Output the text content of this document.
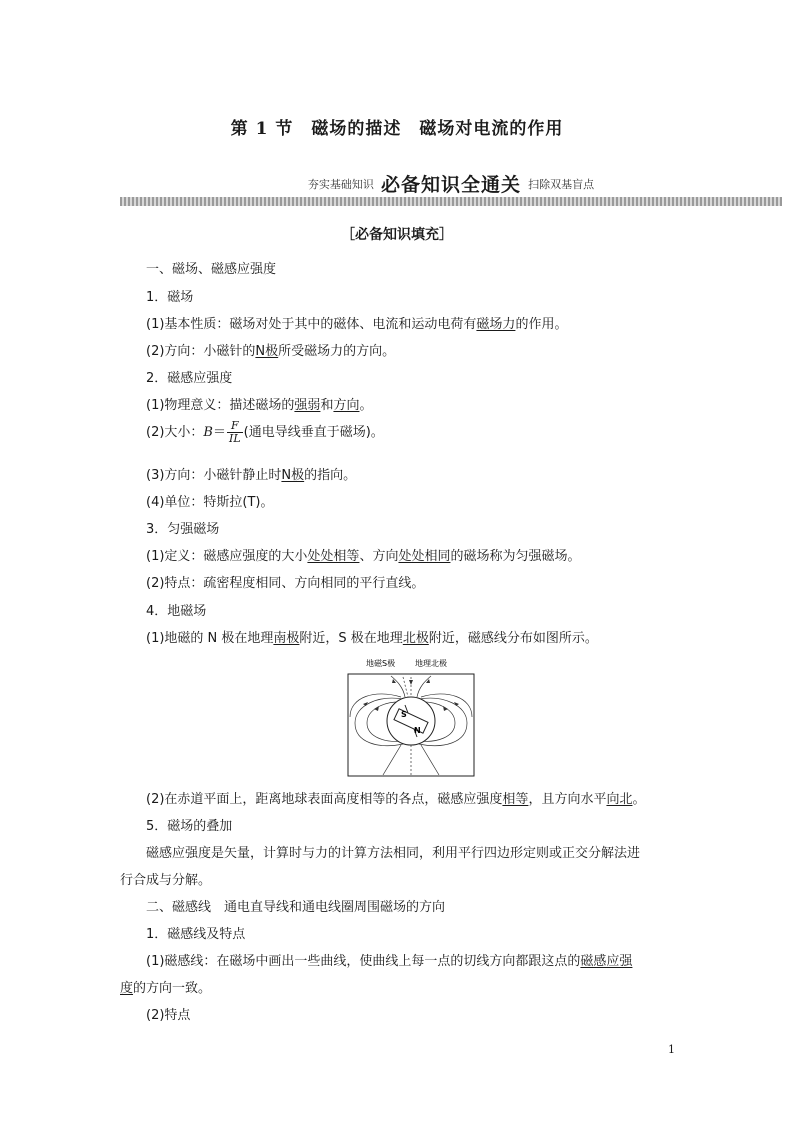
第 1 节　磁场的描述　磁场对电流的作用
夯实基础知识 必备知识全通关 扫除双基盲点
［必备知识填充］
一、磁场、磁感应强度
1．磁场
(1)基本性质：磁场对处于其中的磁体、电流和运动电荷有磁场力的作用。
(2)方向：小磁针的N极所受磁场力的方向。
2．磁感应强度
(1)物理意义：描述磁场的强弱和方向。
(2)大小：$B= \frac{F}{IL}$ (通电导线垂直于磁场)。
(3)方向：小磁针静止时N极的指向。
(4)单位：特斯拉(T)。
3．匀强磁场
(1)定义：磁感应强度的大小处处相等、方向处处相同的磁场称为匀强磁场。
(2)特点：疏密程度相同、方向相同的平行直线。
4．地磁场
(1)地磁的 N 极在地理南极附近，S 极在地理北极附近，磁感线分布如图所示。
地磁S极 地理北极
S
N
(2)在赤道平面上，距离地球表面高度相等的各点，磁感应强度相等，且方向水平向北。
5．磁场的叠加
磁感应强度是矢量，计算时与力的计算方法相同，利用平行四边形定则或正交分解法进
行合成与分解。
二、磁感线　通电直导线和通电线圈周围磁场的方向
1．磁感线及特点
(1)磁感线：在磁场中画出一些曲线，使曲线上每一点的切线方向都跟这点的磁感应强
度的方向一致。
(2)特点
1
